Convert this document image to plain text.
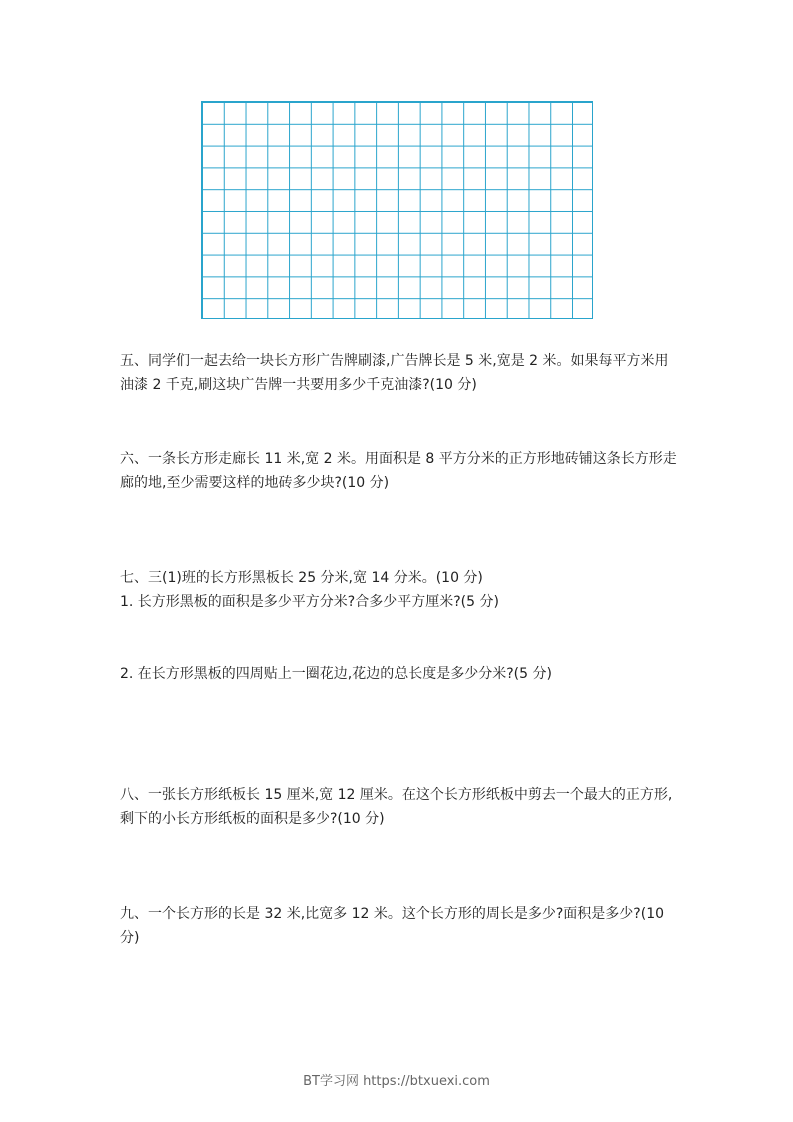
五、同学们一起去给一块长方形广告牌刷漆,广告牌长是 5 米,宽是 2 米。如果每平方米用油漆 2 千克,刷这块广告牌一共要用多少千克油漆?(10 分)

六、一条长方形走廊长 11 米,宽 2 米。用面积是 8 平方分米的正方形地砖铺这条长方形走廊的地,至少需要这样的地砖多少块?(10 分)

七、三(1)班的长方形黑板长 25 分米,宽 14 分米。(10 分)

1. 长方形黑板的面积是多少平方分米?合多少平方厘米?(5 分)

2. 在长方形黑板的四周贴上一圈花边,花边的总长度是多少分米?(5 分)

八、一张长方形纸板长 15 厘米,宽 12 厘米。在这个长方形纸板中剪去一个最大的正方形,剩下的小长方形纸板的面积是多少?(10 分)

九、一个长方形的长是 32 米,比宽多 12 米。这个长方形的周长是多少?面积是多少?(10 分)

BT学习网 https://btxuexi.com
